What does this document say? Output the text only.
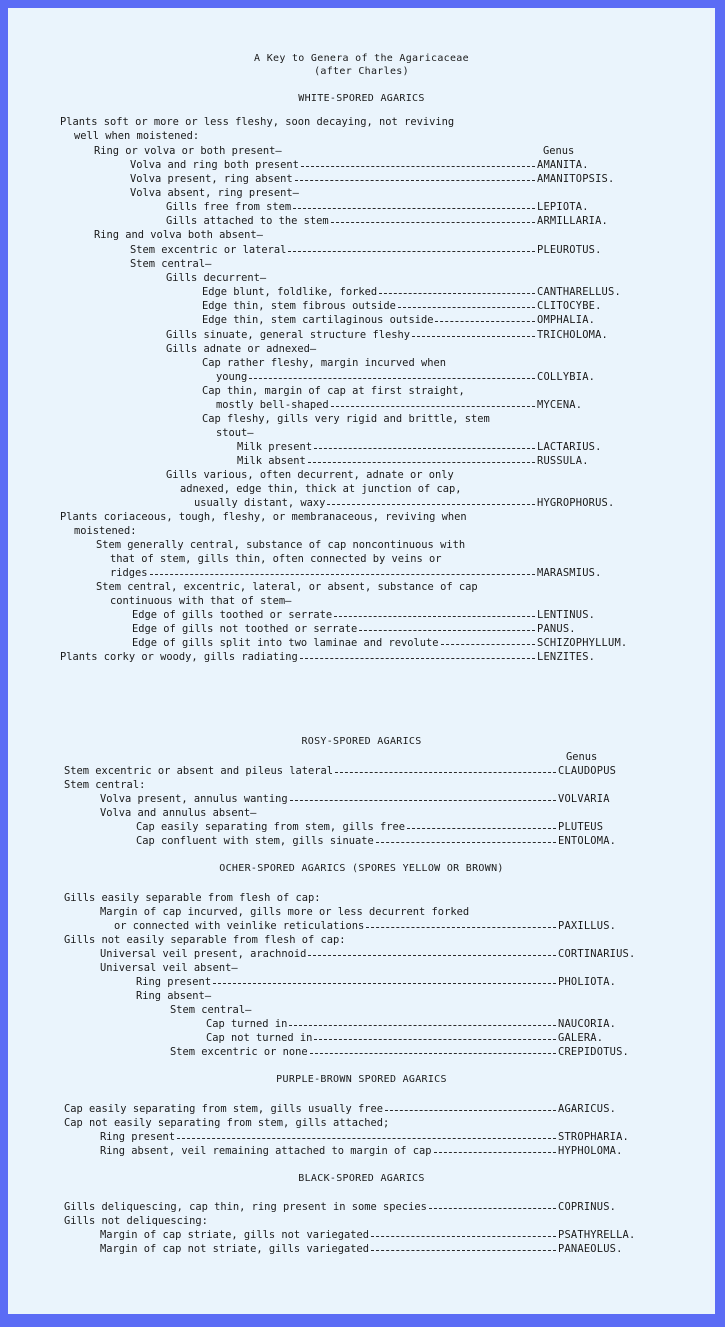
A Key to Genera of the Agaricaceae
(after Charles)
WHITE-SPORED AGARICS
Genus
Plants soft or more or less fleshy, soon decaying, not reviving
well when moistened:
Ring or volva or both present—
Volva and ring both present	AMANITA.
Volva present, ring absent	AMANITOPSIS.
Volva absent, ring present—
Gills free from stem	LEPIOTA.
Gills attached to the stem	ARMILLARIA.
Ring and volva both absent—
Stem excentric or lateral	PLEUROTUS.
Stem central—
Gills decurrent—
Edge blunt, foldlike, forked	CANTHARELLUS.
Edge thin, stem fibrous outside	CLITOCYBE.
Edge thin, stem cartilaginous outside	OMPHALIA.
Gills sinuate, general structure fleshy	TRICHOLOMA.
Gills adnate or adnexed—
Cap rather fleshy, margin incurved when
young	COLLYBIA.
Cap thin, margin of cap at first straight,
mostly bell-shaped	MYCENA.
Cap fleshy, gills very rigid and brittle, stem
stout—
Milk present	LACTARIUS.
Milk absent	RUSSULA.
Gills various, often decurrent, adnate or only
adnexed, edge thin, thick at junction of cap,
usually distant, waxy	HYGROPHORUS.
Plants coriaceous, tough, fleshy, or membranaceous, reviving when
moistened:
Stem generally central, substance of cap noncontinuous with
that of stem, gills thin, often connected by veins or
ridges	MARASMIUS.
Stem central, excentric, lateral, or absent, substance of cap
continuous with that of stem—
Edge of gills toothed or serrate	LENTINUS.
Edge of gills not toothed or serrate	PANUS.
Edge of gills split into two laminae and revolute	SCHIZOPHYLLUM.
Plants corky or woody, gills radiating	LENZITES.
ROSY-SPORED AGARICS
Genus
Stem excentric or absent and pileus lateral	CLAUDOPUS
Stem central:
Volva present, annulus wanting	VOLVARIA
Volva and annulus absent—
Cap easily separating from stem, gills free	PLUTEUS
Cap confluent with stem, gills sinuate	ENTOLOMA.
OCHER-SPORED AGARICS (SPORES YELLOW OR BROWN)
Gills easily separable from flesh of cap:
Margin of cap incurved, gills more or less decurrent forked
or connected with veinlike reticulations	PAXILLUS.
Gills not easily separable from flesh of cap:
Universal veil present, arachnoid	CORTINARIUS.
Universal veil absent—
Ring present	PHOLIOTA.
Ring absent—
Stem central—
Cap turned in	NAUCORIA.
Cap not turned in	GALERA.
Stem excentric or none	CREPIDOTUS.
PURPLE-BROWN SPORED AGARICS
Cap easily separating from stem, gills usually free	AGARICUS.
Cap not easily separating from stem, gills attached;
Ring present	STROPHARIA.
Ring absent, veil remaining attached to margin of cap	HYPHOLOMA.
BLACK-SPORED AGARICS
Gills deliquescing, cap thin, ring present in some species	COPRINUS.
Gills not deliquescing:
Margin of cap striate, gills not variegated	PSATHYRELLA.
Margin of cap not striate, gills variegated	PANAEOLUS.
